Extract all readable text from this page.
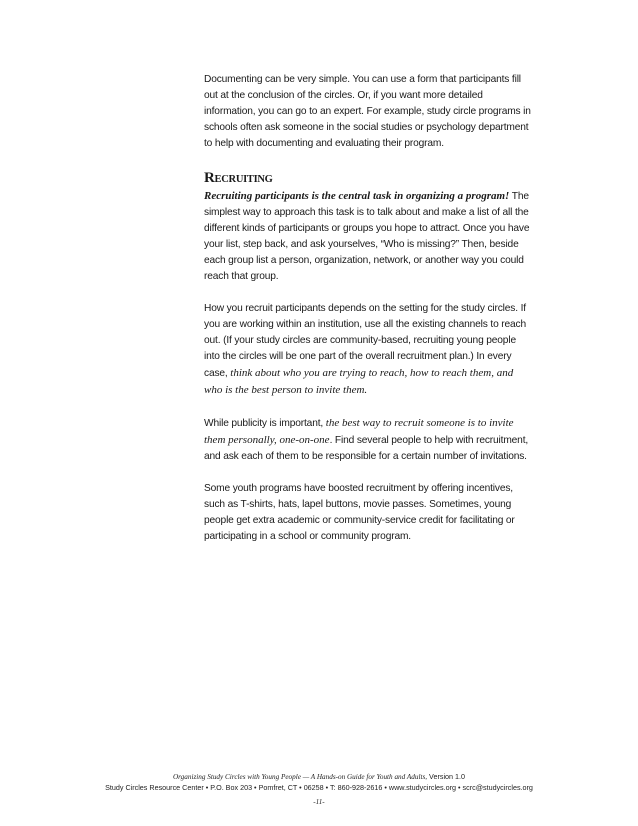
Documenting can be very simple. You can use a form that participants fill out at the conclusion of the circles. Or, if you want more detailed information, you can go to an expert. For example, study circle programs in schools often ask someone in the social studies or psychology department to help with documenting and evaluating their program.

RECRUITING

Recruiting participants is the central task in organizing a program! The simplest way to approach this task is to talk about and make a list of all the different kinds of participants or groups you hope to attract. Once you have your list, step back, and ask yourselves, “Who is missing?” Then, beside each group list a person, organization, network, or another way you could reach that group.

How you recruit participants depends on the setting for the study circles. If you are working within an institution, use all the existing channels to reach out. (If your study circles are community-based, recruiting young people into the circles will be one part of the overall recruitment plan.) In every case, think about who you are trying to reach, how to reach them, and who is the best person to invite them.

While publicity is important, the best way to recruit someone is to invite them personally, one-on-one. Find several people to help with recruitment, and ask each of them to be responsible for a certain number of invitations.

Some youth programs have boosted recruitment by offering incentives, such as T-shirts, hats, lapel buttons, movie passes. Sometimes, young people get extra academic or community-service credit for facilitating or participating in a school or community program.

Organizing Study Circles with Young People — A Hands-on Guide for Youth and Adults, Version 1.0
Study Circles Resource Center • P.O. Box 203 • Pomfret, CT • 06258 • T: 860-928-2616 • www.studycircles.org • scrc@studycircles.org
-11-
